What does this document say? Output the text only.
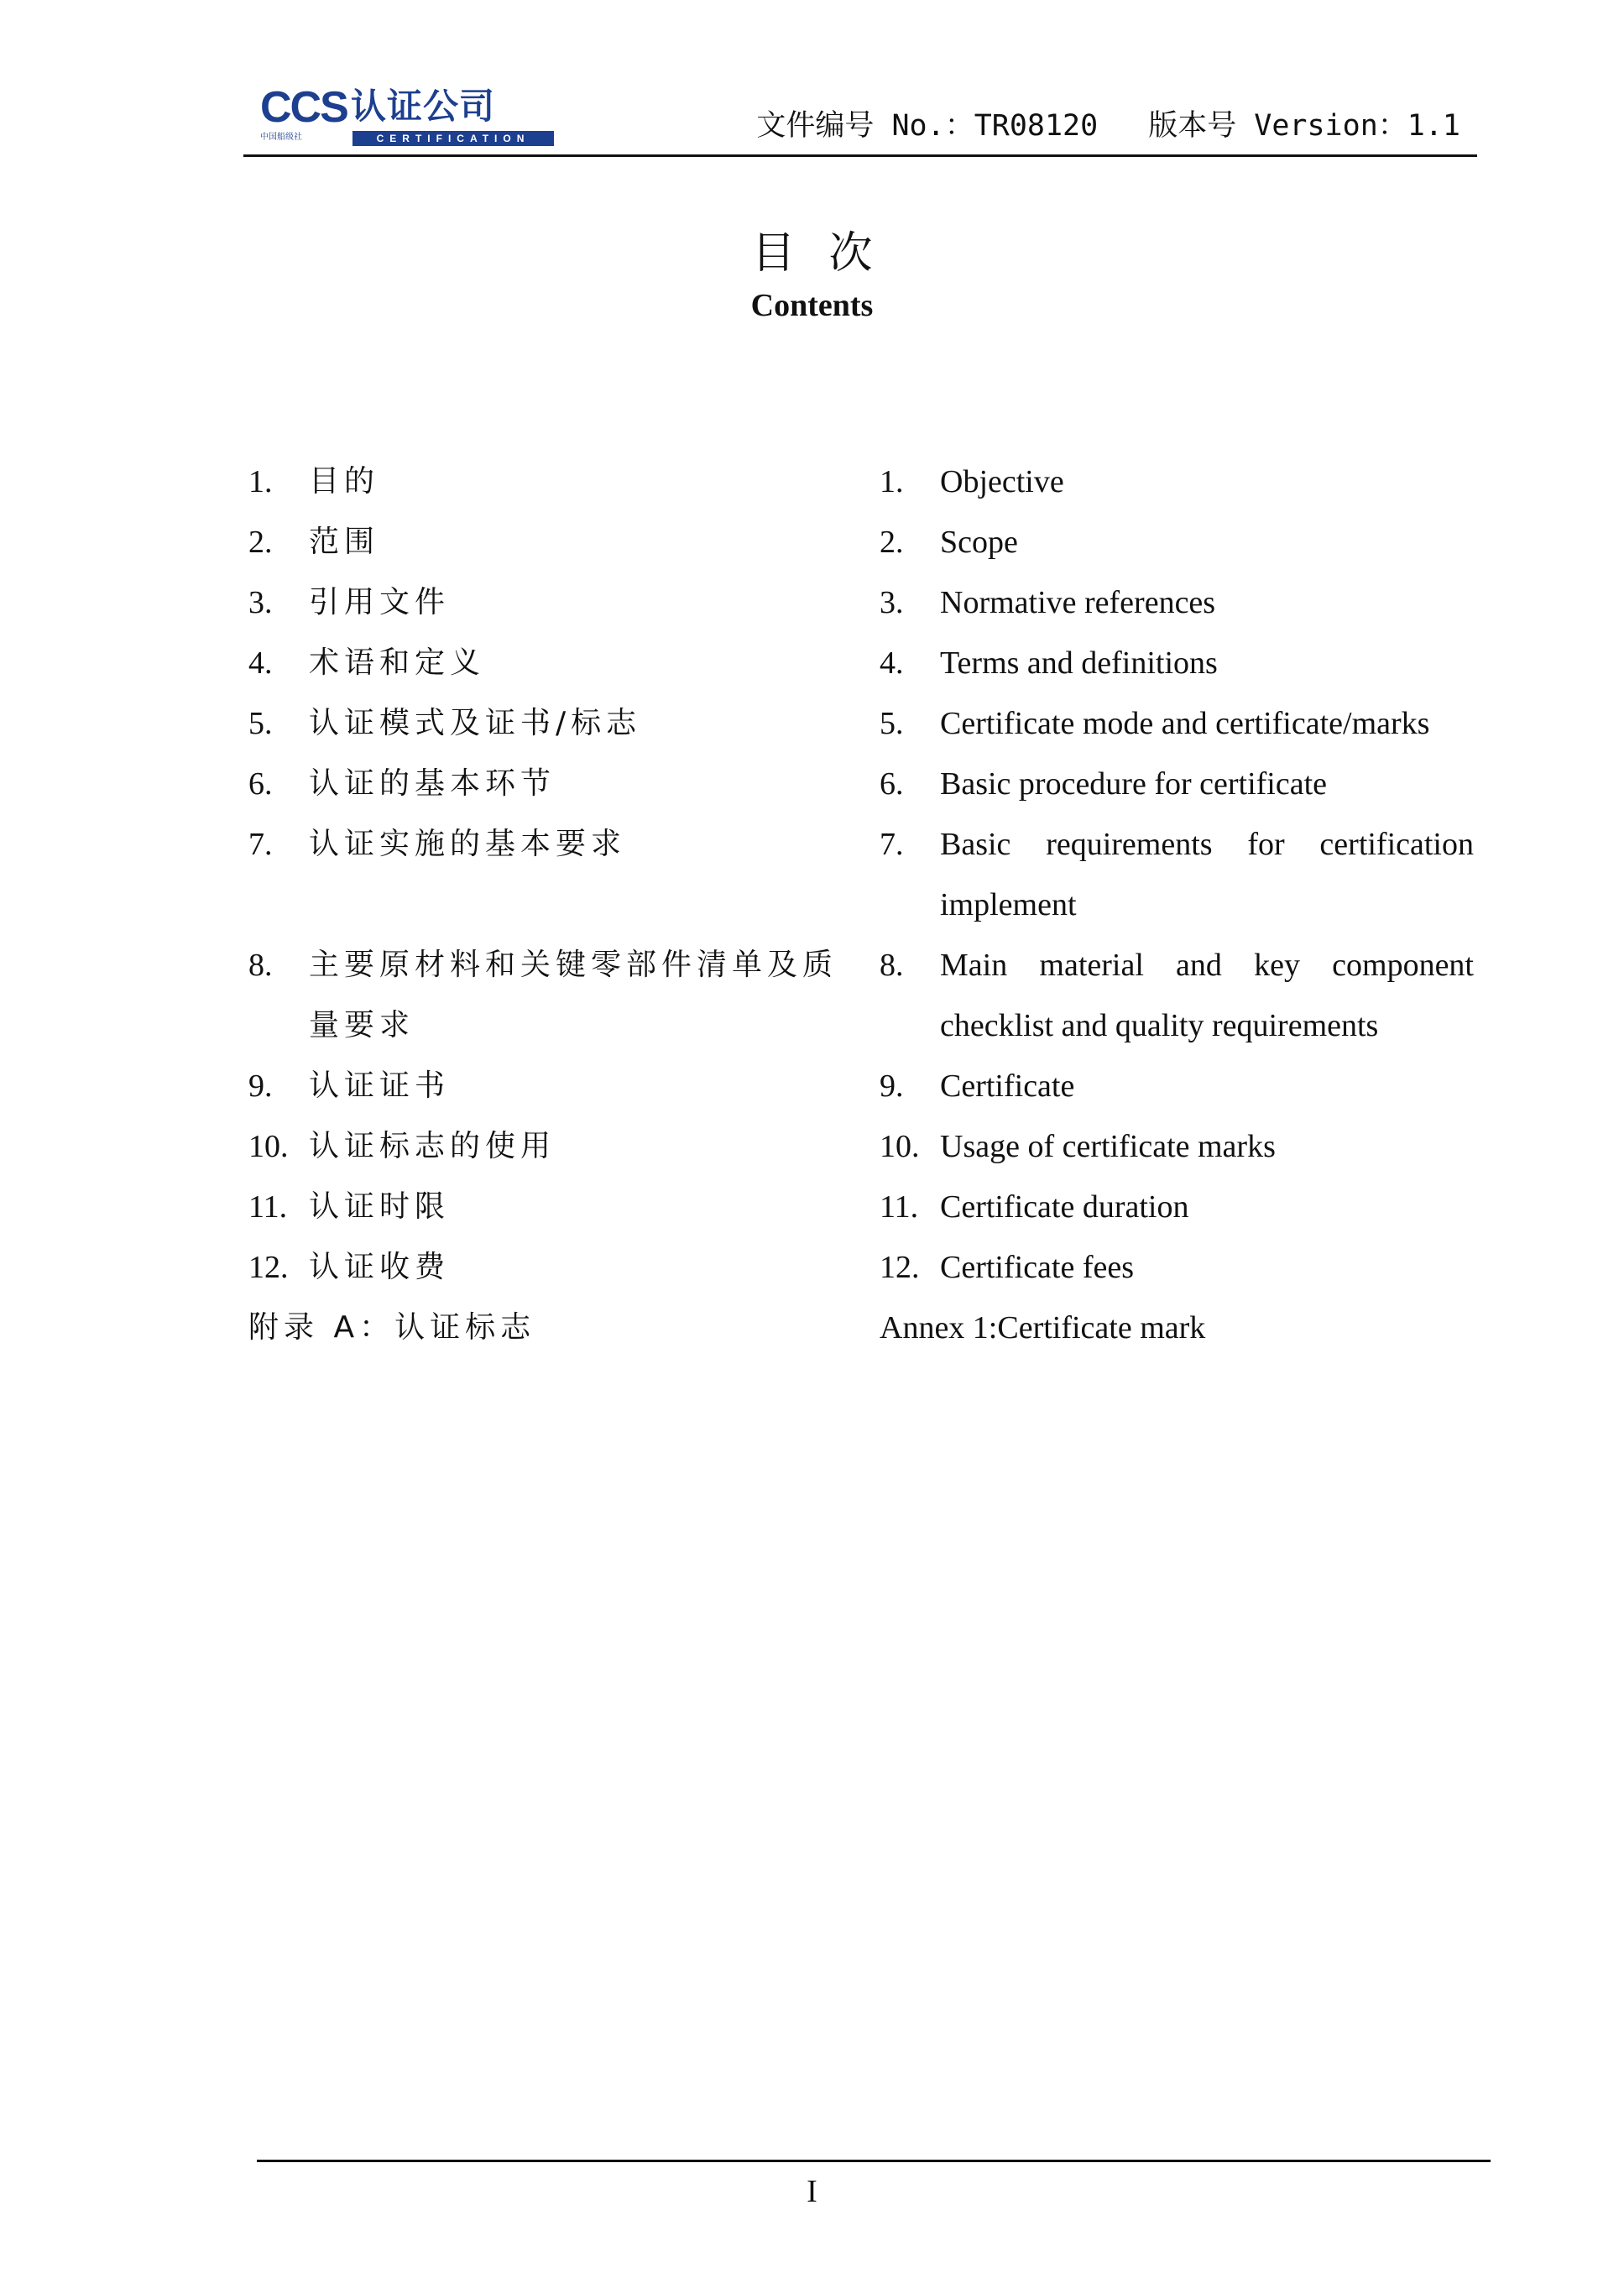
CCS 认证公司
中国船级社	CERTIFICATION	文件编号 No.：TR08120 版本号 Version：1.1
目次
Contents
1.	目的
2.	范围
3.	引用文件
4.	术语和定义
5.	认证模式及证书/标志
6.	认证的基本环节
7.	认证实施的基本要求
8.	主要原材料和关键零部件清单及质量要求
9.	认证证书
10. 认证标志的使用
11. 认证时限
12. 认证收费
附录 A：认证标志
1.	Objective
2.	Scope
3.	Normative references
4.	Terms and definitions
5.	Certificate mode and certificate/marks
6.	Basic procedure for certificate
7.	Basic requirements for certification implement
8.	Main material and key component checklist and quality requirements
9.	Certificate
10. Usage of certificate marks
11. Certificate duration
12. Certificate fees
Annex 1:Certificate mark
I
